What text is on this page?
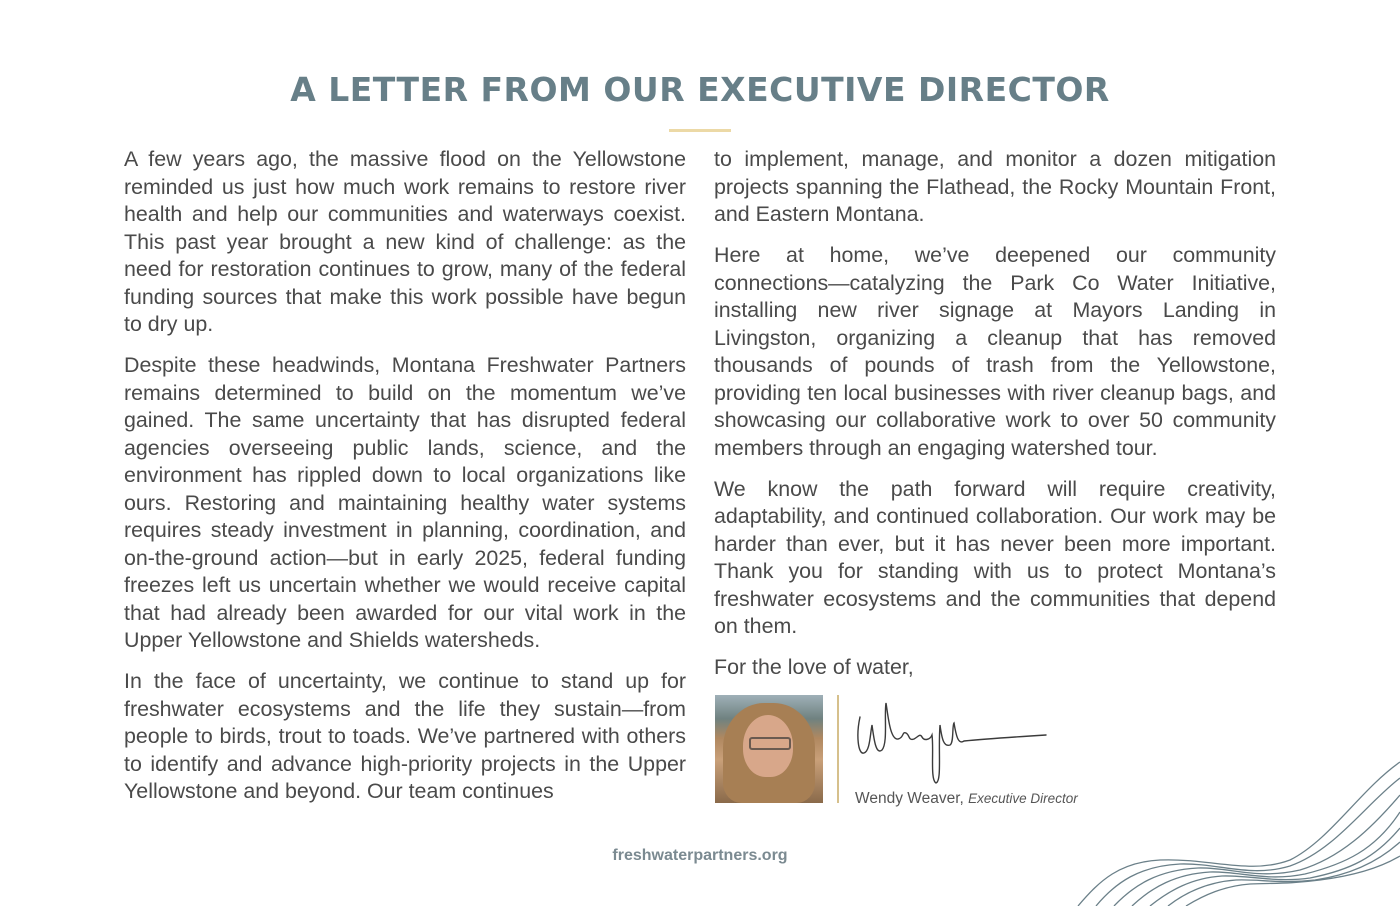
A LETTER FROM OUR EXECUTIVE DIRECTOR

A few years ago, the massive flood on the Yellowstone reminded us just how much work remains to restore river health and help our communities and waterways coexist. This past year brought a new kind of challenge: as the need for restoration continues to grow, many of the federal funding sources that make this work possible have begun to dry up.

Despite these headwinds, Montana Freshwater Partners remains determined to build on the momentum we’ve gained. The same uncertainty that has disrupted federal agencies overseeing public lands, science, and the environment has rippled down to local organizations like ours. Restoring and maintaining healthy water systems requires steady investment in planning, coordination, and on-the-ground action—but in early 2025, federal funding freezes left us uncertain whether we would receive capital that had already been awarded for our vital work in the Upper Yellowstone and Shields watersheds.

In the face of uncertainty, we continue to stand up for freshwater ecosystems and the life they sustain—from people to birds, trout to toads. We’ve partnered with others to identify and advance high-priority projects in the Upper Yellowstone and beyond. Our team continues

to implement, manage, and monitor a dozen mitigation projects spanning the Flathead, the Rocky Mountain Front, and Eastern Montana.

Here at home, we’ve deepened our community connections—catalyzing the Park Co Water Initiative, installing new river signage at Mayors Landing in Livingston, organizing a cleanup that has removed thousands of pounds of trash from the Yellowstone, providing ten local businesses with river cleanup bags, and showcasing our collaborative work to over 50 community members through an engaging watershed tour.

We know the path forward will require creativity, adaptability, and continued collaboration. Our work may be harder than ever, but it has never been more important. Thank you for standing with us to protect Montana’s freshwater ecosystems and the communities that depend on them.

For the love of water,

Wendy Weaver, Executive Director
freshwaterpartners.org
